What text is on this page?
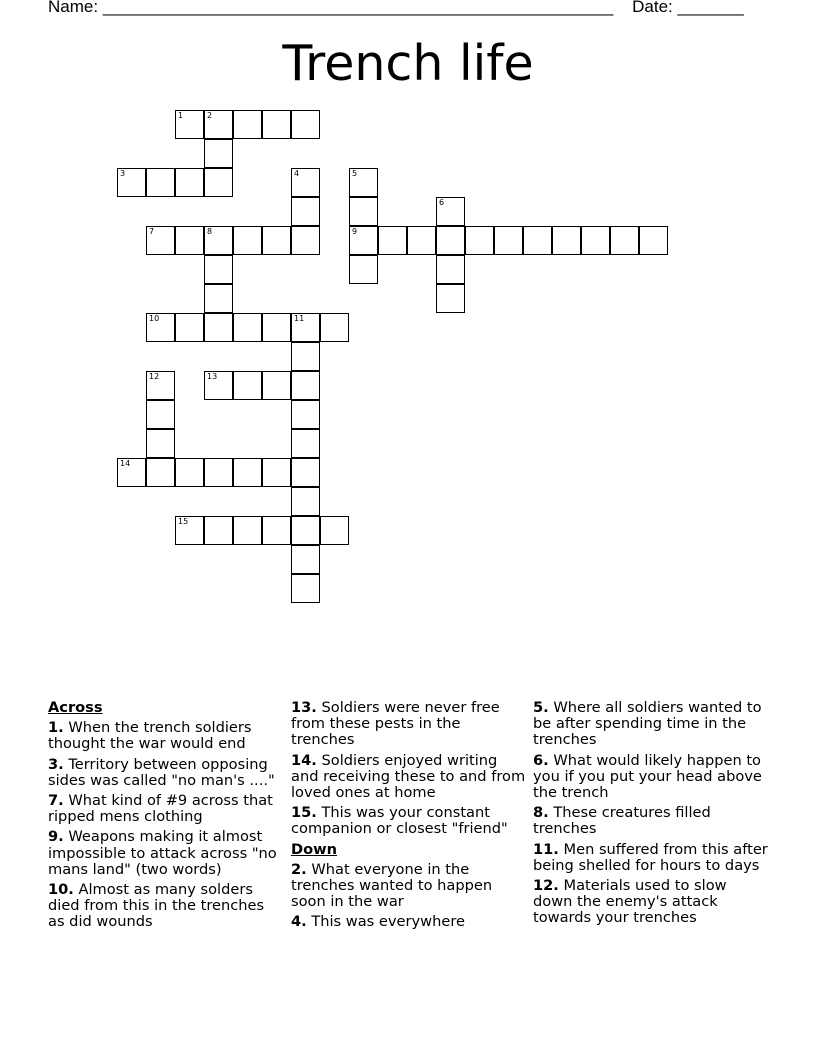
Name: ______________________________________________________ Date: _______
Trench life
1	2
3	4	5
6
7	8	9
10	11
12	13
14
15
Across
1. When the trench soldiers thought the war would end
3. Territory between opposing sides was called "no man's ...."
7. What kind of #9 across that ripped mens clothing
9. Weapons making it almost impossible to attack across "no mans land" (two words)
10. Almost as many solders died from this in the trenches as did wounds
13. Soldiers were never free from these pests in the trenches
14. Soldiers enjoyed writing and receiving these to and from loved ones at home
15. This was your constant companion or closest "friend"
Down
2. What everyone in the trenches wanted to happen soon in the war
4. This was everywhere
5. Where all soldiers wanted to be after spending time in the trenches
6. What would likely happen to you if you put your head above the trench
8. These creatures filled trenches
11. Men suffered from this after being shelled for hours to days
12. Materials used to slow down the enemy's attack towards your trenches
